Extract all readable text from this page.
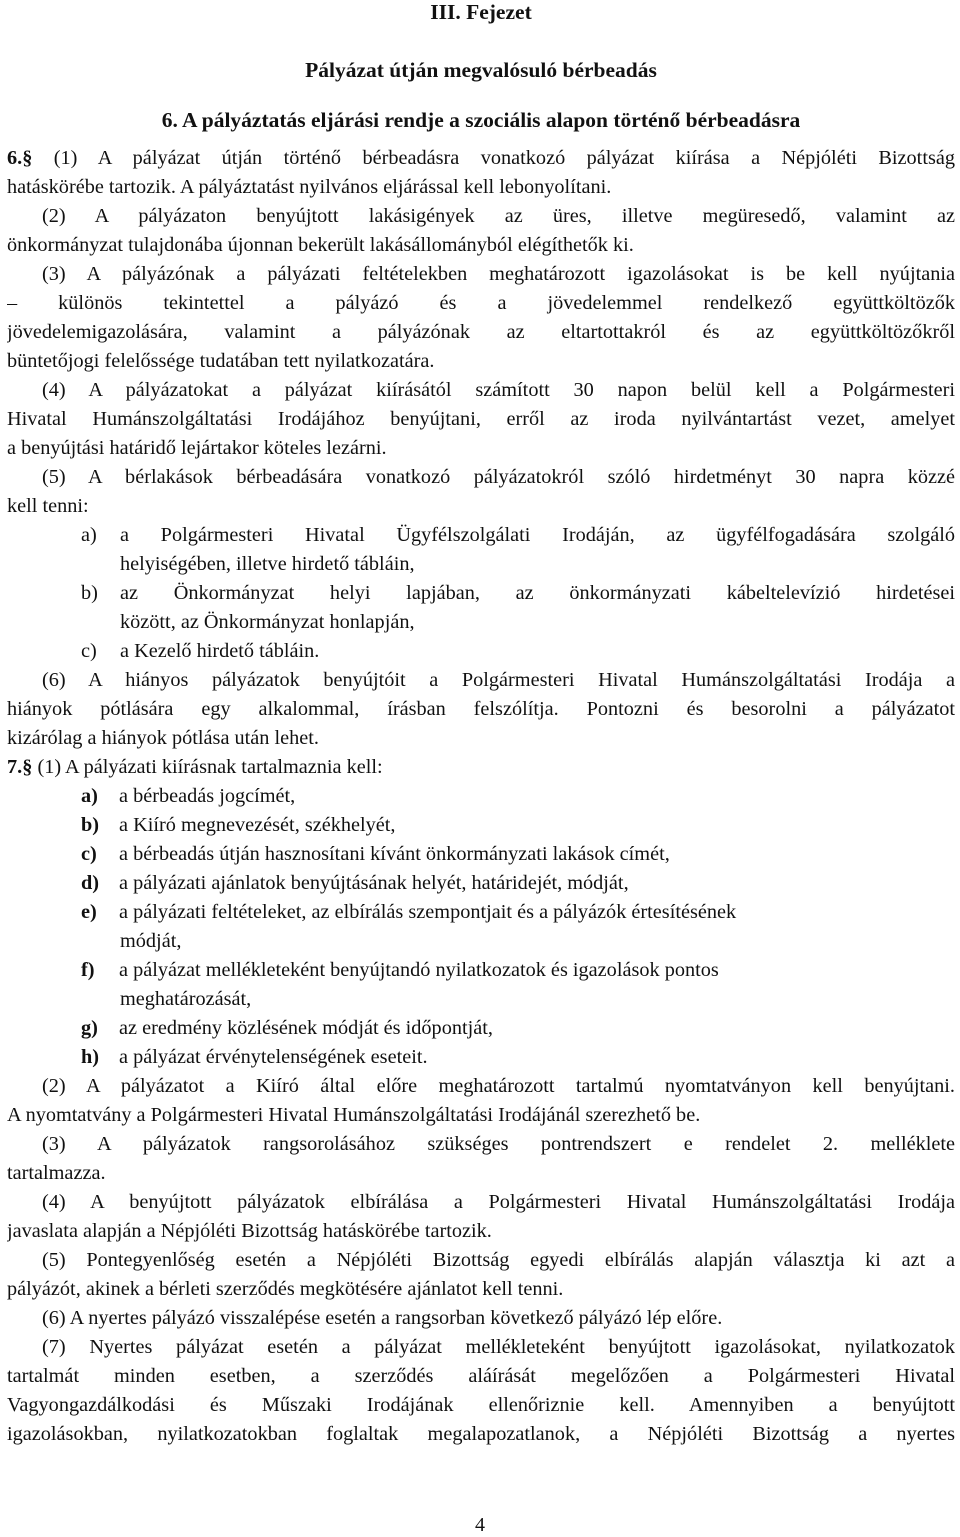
III. Fejezet
Pályázat útján megvalósuló bérbeadás
6. A pályáztatás eljárási rendje a szociális alapon történő bérbeadásra
6.§ (1) A pályázat útján történő bérbeadásra vonatkozó pályázat kiírása a Népjóléti Bizottság
hatáskörébe tartozik. A pályáztatást nyilvános eljárással kell lebonyolítani.
(2) A pályázaton benyújtott lakásigények az üres, illetve megüresedő, valamint az
önkormányzat tulajdonába újonnan bekerült lakásállományból elégíthetők ki.
(3) A pályázónak a pályázati feltételekben meghatározott igazolásokat is be kell nyújtania
– különös tekintettel a pályázó és a jövedelemmel rendelkező együttköltözők
jövedelemigazolására, valamint a pályázónak az eltartottakról és az együttköltözőkről
büntetőjogi felelőssége tudatában tett nyilatkozatára.
(4) A pályázatokat a pályázat kiírásától számított 30 napon belül kell a Polgármesteri
Hivatal Humánszolgáltatási Irodájához benyújtani, erről az iroda nyilvántartást vezet, amelyet
a benyújtási határidő lejártakor köteles lezárni.
(5) A bérlakások bérbeadására vonatkozó pályázatokról szóló hirdetményt 30 napra közzé
kell tenni:
a) a Polgármesteri Hivatal Ügyfélszolgálati Irodáján, az ügyfélfogadására szolgáló
helyiségében, illetve hirdető tábláin,
b) az Önkormányzat helyi lapjában, az önkormányzati kábeltelevízió hirdetései
között, az Önkormányzat honlapján,
c) a Kezelő hirdető tábláin.
(6) A hiányos pályázatok benyújtóit a Polgármesteri Hivatal Humánszolgáltatási Irodája a
hiányok pótlására egy alkalommal, írásban felszólítja. Pontozni és besorolni a pályázatot
kizárólag a hiányok pótlása után lehet.
7.§ (1) A pályázati kiírásnak tartalmaznia kell:
a) a bérbeadás jogcímét,
b) a Kiíró megnevezését, székhelyét,
c) a bérbeadás útján hasznosítani kívánt önkormányzati lakások címét,
d) a pályázati ajánlatok benyújtásának helyét, határidejét, módját,
e) a pályázati feltételeket, az elbírálás szempontjait és a pályázók értesítésének
módját,
f) a pályázat mellékleteként benyújtandó nyilatkozatok és igazolások pontos
meghatározását,
g) az eredmény közlésének módját és időpontját,
h) a pályázat érvénytelenségének eseteit.
(2) A pályázatot a Kiíró által előre meghatározott tartalmú nyomtatványon kell benyújtani.
A nyomtatvány a Polgármesteri Hivatal Humánszolgáltatási Irodájánál szerezhető be.
(3) A pályázatok rangsorolásához szükséges pontrendszert e rendelet 2. melléklete
tartalmazza.
(4) A benyújtott pályázatok elbírálása a Polgármesteri Hivatal Humánszolgáltatási Irodája
javaslata alapján a Népjóléti Bizottság hatáskörébe tartozik.
(5) Pontegyenlőség esetén a Népjóléti Bizottság egyedi elbírálás alapján választja ki azt a
pályázót, akinek a bérleti szerződés megkötésére ajánlatot kell tenni.
(6) A nyertes pályázó visszalépése esetén a rangsorban következő pályázó lép előre.
(7) Nyertes pályázat esetén a pályázat mellékleteként benyújtott igazolásokat, nyilatkozatok
tartalmát minden esetben, a szerződés aláírását megelőzően a Polgármesteri Hivatal
Vagyongazdálkodási és Műszaki Irodájának ellenőriznie kell. Amennyiben a benyújtott
igazolásokban, nyilatkozatokban foglaltak megalapozatlanok, a Népjóléti Bizottság a nyertes
4
